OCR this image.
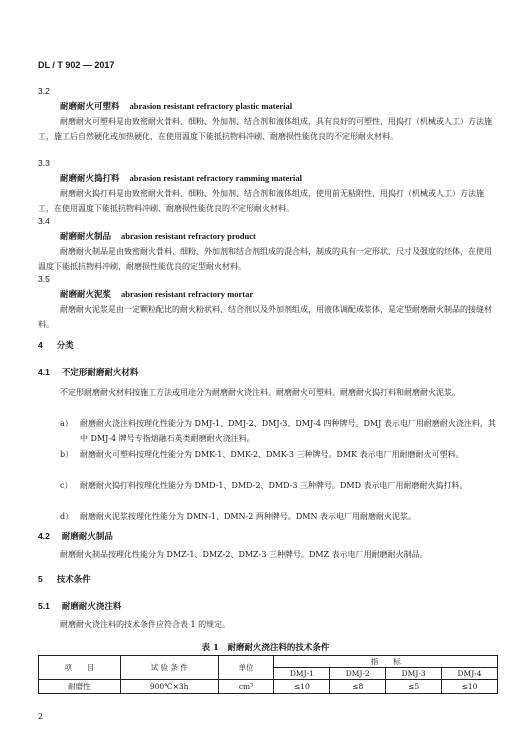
DL / T 902 — 2017
3.2
耐磨耐火可塑料 abrasion resistant refractory plastic material
耐磨耐火可塑料是由致密耐火骨料、细粉、外加剂、结合剂和液体组成，具有良好的可塑性，用捣打（机械或人工）方法施工，施工后自然硬化或加热硬化，在使用温度下能抵抗物料冲刷、耐磨损性能优良的不定形耐火材料。
3.3
耐磨耐火捣打料 abrasion resistant refractory ramming material
耐磨耐火捣打料是由致密耐火骨料、细粉、外加剂、结合剂和液体组成，使用前无粘附性，用捣打（机械或人工）方法施工，在使用温度下能抵抗物料冲刷、耐磨损性能优良的不定形耐火材料。
3.4
耐磨耐火制品 abrasion resistant refractory product
耐磨耐火制品是由致密耐火骨料、细粉、外加剂和结合剂组成的混合料，制成的具有一定形状、尺寸及强度的坯体，在使用温度下能抵抗物料冲刷，耐磨损性能优良的定型耐火材料。
3.5
耐磨耐火泥浆 abrasion resistant refractory mortar
耐磨耐火泥浆是由一定颗粒配比的耐火粉状料、结合剂以及外加剂组成，用液体调配成浆体，是定型耐磨耐火制品的接缝材料。
4 分类
4.1 不定形耐磨耐火材料
不定形耐磨耐火材料按施工方法或用途分为耐磨耐火浇注料、耐磨耐火可塑料、耐磨耐火捣打料和耐磨耐火泥浆。
a） 耐磨耐火浇注料按理化性能分为 DMJ-1、DMJ-2、DMJ-3、DMJ-4 四种牌号。DMJ 表示电厂用耐磨耐火浇注料，其中 DMJ-4 牌号专指熔融石英类耐磨耐火浇注料。
b） 耐磨耐火可塑料按理化性能分为 DMK-1、DMK-2、DMK-3 三种牌号。DMK 表示电厂用耐磨耐火可塑料。
c） 耐磨耐火捣打料按理化性能分为 DMD-1、DMD-2、DMD-3 三种牌号。DMD 表示电厂用耐磨耐火捣打料。
d） 耐磨耐火泥浆按理化性能分为 DMN-1、DMN-2 两种牌号。DMN 表示电厂用耐磨耐火泥浆。
4.2 耐磨耐火制品
耐磨耐火制品按理化性能分为 DMZ-1、DMZ-2、DMZ-3 三种牌号。DMZ 表示电厂用耐磨耐火制品。
5 技术条件
5.1 耐磨耐火浇注料
耐磨耐火浇注料的技术条件应符合表 1 的规定。
表 1　耐磨耐火浇注料的技术条件
项　　目	试 验 条 件	单位	指　　标			
			DMJ-1	DMJ-2	DMJ-3	DMJ-4
耐磨性	900℃×3h	cm³	≤10	≤8	≤5	≤10
2
